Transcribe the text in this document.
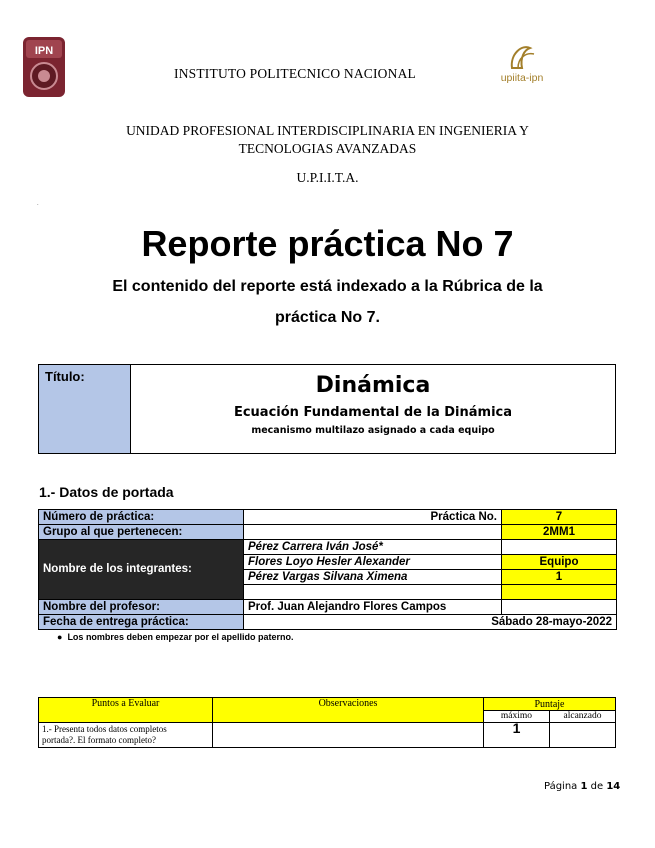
IPN
upiita-ipn
INSTITUTO POLITECNICO NACIONAL
UNIDAD PROFESIONAL INTERDISCIPLINARIA EN INGENIERIA Y
TECNOLOGIAS AVANZADAS
U.P.I.I.T.A.
.
Reporte práctica No 7
El contenido del reporte está indexado a la Rúbrica de la
práctica No 7.
Título:	Dinámica
Ecuación Fundamental de la Dinámica
mecanismo multilazo asignado a cada equipo
1.- Datos de portada
Número de práctica:	Práctica No.	7
Grupo al que pertenecen:		2MM1
Nombre de los integrantes:	Pérez Carrera Iván José*	
	Flores Loyo Hesler Alexander	Equipo
	Pérez Vargas Silvana Ximena	1

Nombre del profesor:	Prof. Juan Alejandro Flores Campos	
Fecha de entrega práctica:	Sábado 28-mayo-2022	
●  Los nombres deben empezar por el apellido paterno.
Puntos a Evaluar	Observaciones	Puntaje	
		máximo	alcanzado

1.- Presenta todos datos completos
portada?. El formato completo?		1	
Página 1 de 14
